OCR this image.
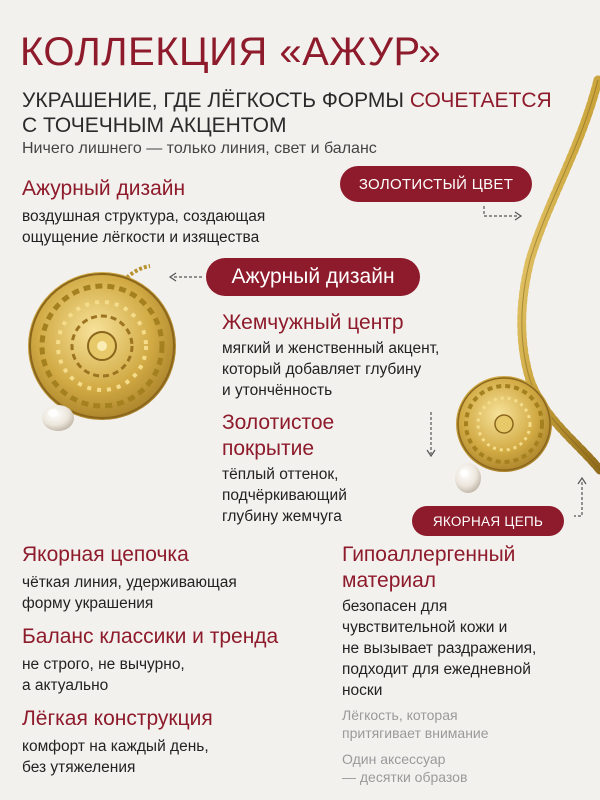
КОЛЛЕКЦИЯ «АЖУР»
УКРАШЕНИЕ, ГДЕ ЛЁГКОСТЬ ФОРМЫ СОЧЕТАЕТСЯ
С ТОЧЕЧНЫМ АКЦЕНТОМ
Ничего лишнего — только линия, свет и баланс
ЗОЛОТИСТЫЙ ЦВЕТ
Ажурный дизайн
ЯКОРНАЯ ЦЕПЬ
Ажурный дизайн
воздушная структура, создающая
ощущение лёгкости и изящества
Жемчужный центр
мягкий и женственный акцент,
который добавляет глубину
и утончённость
Золотистое
покрытие
тёплый оттенок,
подчёркивающий
глубину жемчуга
Якорная цепочка
чёткая линия, удерживающая
форму украшения
Баланс классики и тренда
не строго, не вычурно,
а актуально
Лёгкая конструкция
комфорт на каждый день,
без утяжеления
Гипоаллергенный
материал
безопасен для
чувствительной кожи и
не вызывает раздражения,
подходит для ежедневной
носки
Лёгкость, которая
притягивает внимание
Один аксессуар
— десятки образов
